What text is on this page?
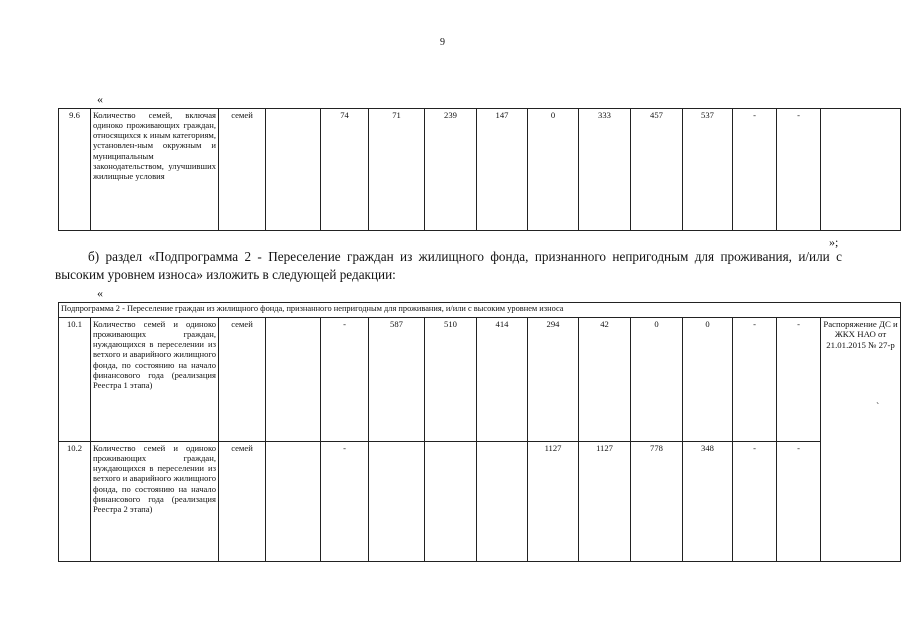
9
«
9.6	Количество семей, включая одиноко проживающих граждан, относящихся к иным категориям, установлен-ным окружным и муниципальным законодательством, улучшивших жилищные условия	семей		74	71	239	147	0	333	457	537	-	-	
»;
б) раздел «Подпрограмма 2 - Переселение граждан из жилищного фонда, признанного непригодным для проживания, и/или с высоким уровнем износа» изложить в следующей редакции:
«
Подпрограмма 2 - Переселение граждан из жилищного фонда, признанного непригодным для проживания, и/или с высоким уровнем износа														
10.1	Количество семей и одиноко проживающих граждан, нуждающихся в переселении из ветхого и аварийного жилищного фонда, по состоянию на начало финансового года (реализация Реестра 1 этапа)	семей		-	587	510	414	294	42	0	0	-	-	Распоряжение ДС и ЖКХ НАО от 21.01.2015 № 27-р
10.2	Количество семей и одиноко проживающих граждан, нуждающихся в переселении из ветхого и аварийного жилищного фонда, по состоянию на начало финансового года (реализация Реестра 2 этапа)	семей		-				1127	1127	778	348	-	-	
`
